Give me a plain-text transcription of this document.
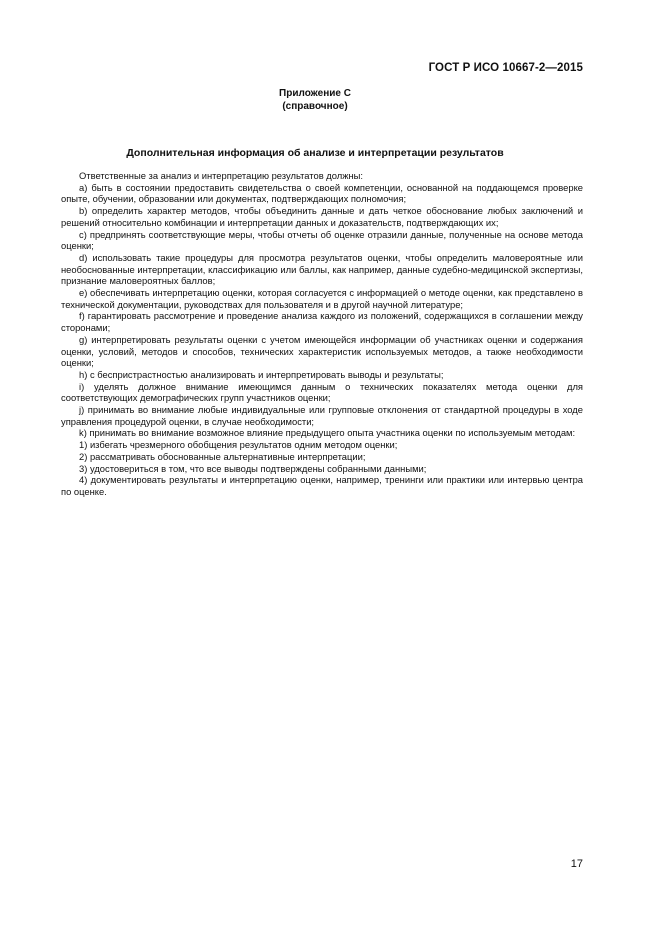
ГОСТ Р ИСО 10667-2—2015
Приложение С
(справочное)
Дополнительная информация об анализе и интерпретации результатов

Ответственные за анализ и интерпретацию результатов должны:

a) быть в состоянии предоставить свидетельства о своей компетенции, основанной на поддающемся проверке опыте, обучении, образовании или документах, подтверждающих полномочия;

b) определить характер методов, чтобы объединить данные и дать четкое обоснование любых заключений и решений относительно комбинации и интерпретации данных и доказательств, подтверждающих их;

c) предпринять соответствующие меры, чтобы отчеты об оценке отразили данные, полученные на основе метода оценки;

d) использовать такие процедуры для просмотра результатов оценки, чтобы определить маловероятные или необоснованные интерпретации, классификацию или баллы, как например, данные судебно-медицинской экспертизы, признание маловероятных баллов;

e) обеспечивать интерпретацию оценки, которая согласуется с информацией о методе оценки, как представлено в технической документации, руководствах для пользователя и в другой научной литературе;

f) гарантировать рассмотрение и проведение анализа каждого из положений, содержащихся в соглашении между сторонами;

g) интерпретировать результаты оценки с учетом имеющейся информации об участниках оценки и содержания оценки, условий, методов и способов, технических характеристик используемых методов, а также необходимости оценки;

h) с беспристрастностью анализировать и интерпретировать выводы и результаты;

i) уделять должное внимание имеющимся данным о технических показателях метода оценки для соответствующих демографических групп участников оценки;

j) принимать во внимание любые индивидуальные или групповые отклонения от стандартной процедуры в ходе управления процедурой оценки, в случае необходимости;

k) принимать во внимание возможное влияние предыдущего опыта участника оценки по используемым методам:

1) избегать чрезмерного обобщения результатов одним методом оценки;

2) рассматривать обоснованные альтернативные интерпретации;

3) удостовериться в том, что все выводы подтверждены собранными данными;

4) документировать результаты и интерпретацию оценки, например, тренинги или практики или интервью центра по оценке.

17
